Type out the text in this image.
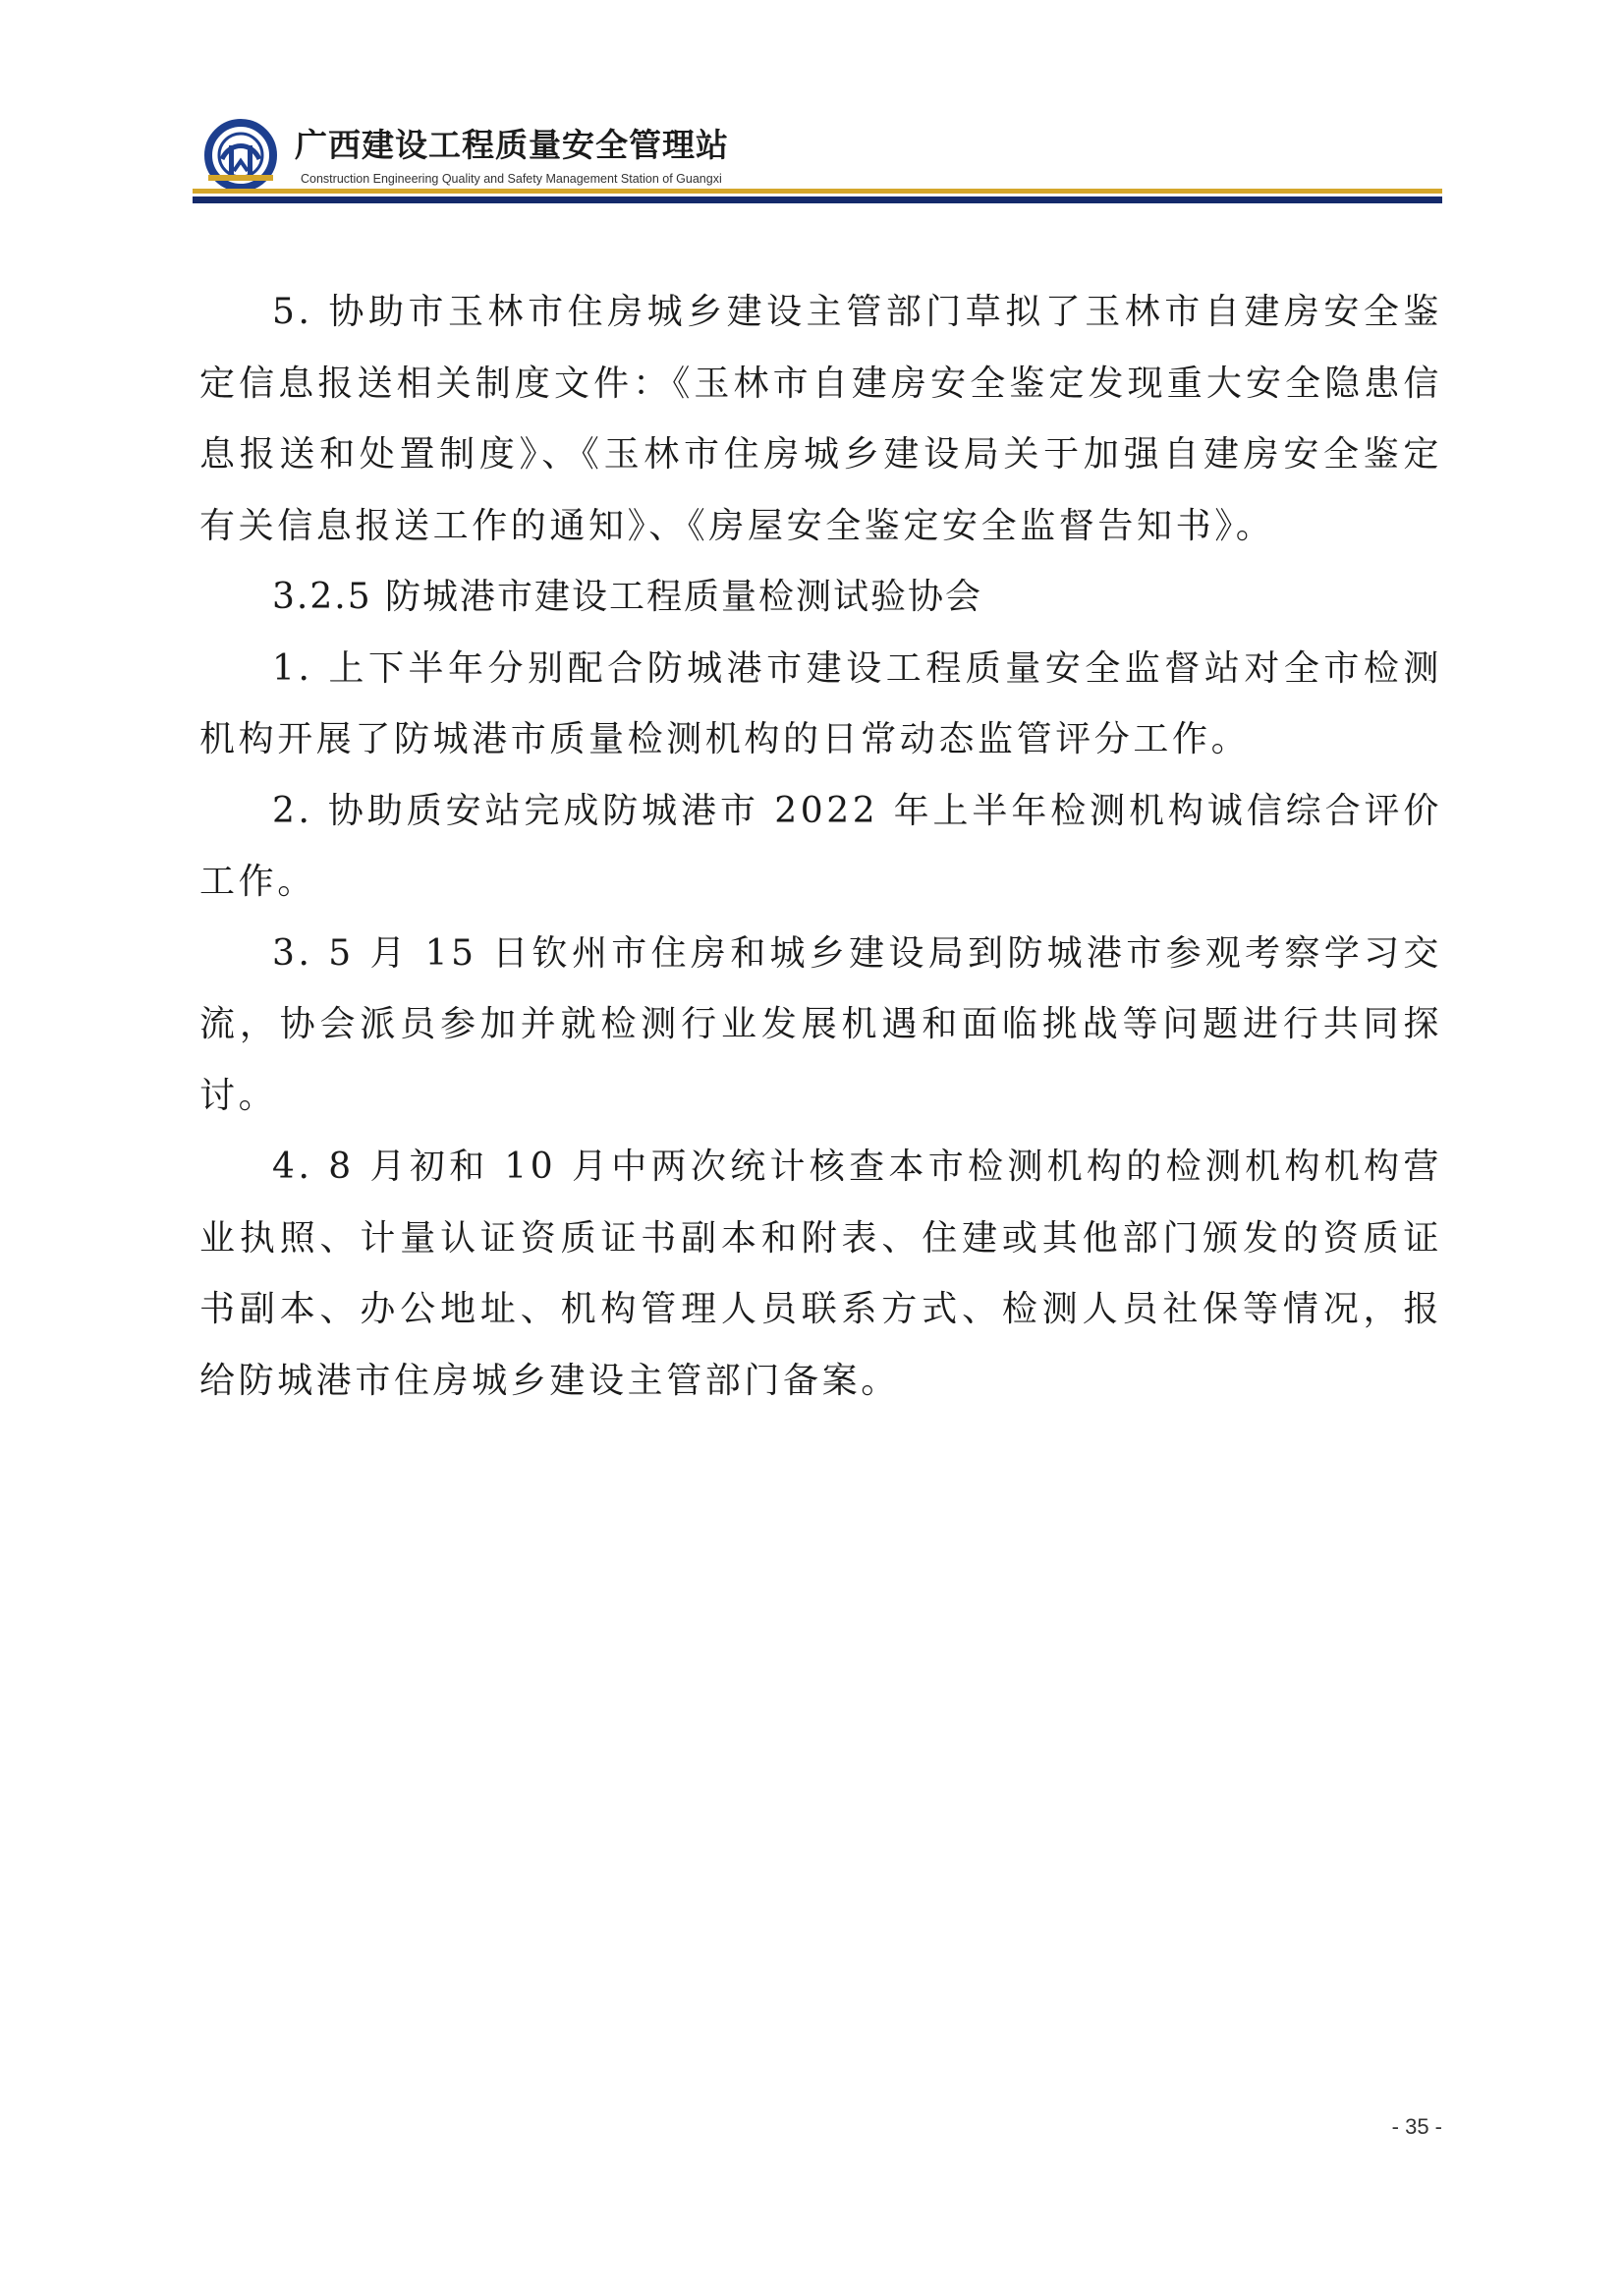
广西建设工程质量安全管理站
Construction Engineering Quality and Safety Management Station of Guangxi

5. 协助市玉林市住房城乡建设主管部门草拟了玉林市自建房安全鉴定信息报送相关制度文件：《玉林市自建房安全鉴定发现重大安全隐患信息报送和处置制度》、《玉林市住房城乡建设局关于加强自建房安全鉴定有关信息报送工作的通知》、《房屋安全鉴定安全监督告知书》。

3.2.5 防城港市建设工程质量检测试验协会

1. 上下半年分别配合防城港市建设工程质量安全监督站对全市检测机构开展了防城港市质量检测机构的日常动态监管评分工作。

2. 协助质安站完成防城港市 2022 年上半年检测机构诚信综合评价工作。

3. 5 月 15 日钦州市住房和城乡建设局到防城港市参观考察学习交流，协会派员参加并就检测行业发展机遇和面临挑战等问题进行共同探讨。

4. 8 月初和 10 月中两次统计核查本市检测机构的检测机构机构营业执照、计量认证资质证书副本和附表、住建或其他部门颁发的资质证书副本、办公地址、机构管理人员联系方式、检测人员社保等情况，报给防城港市住房城乡建设主管部门备案。

- 35 -
